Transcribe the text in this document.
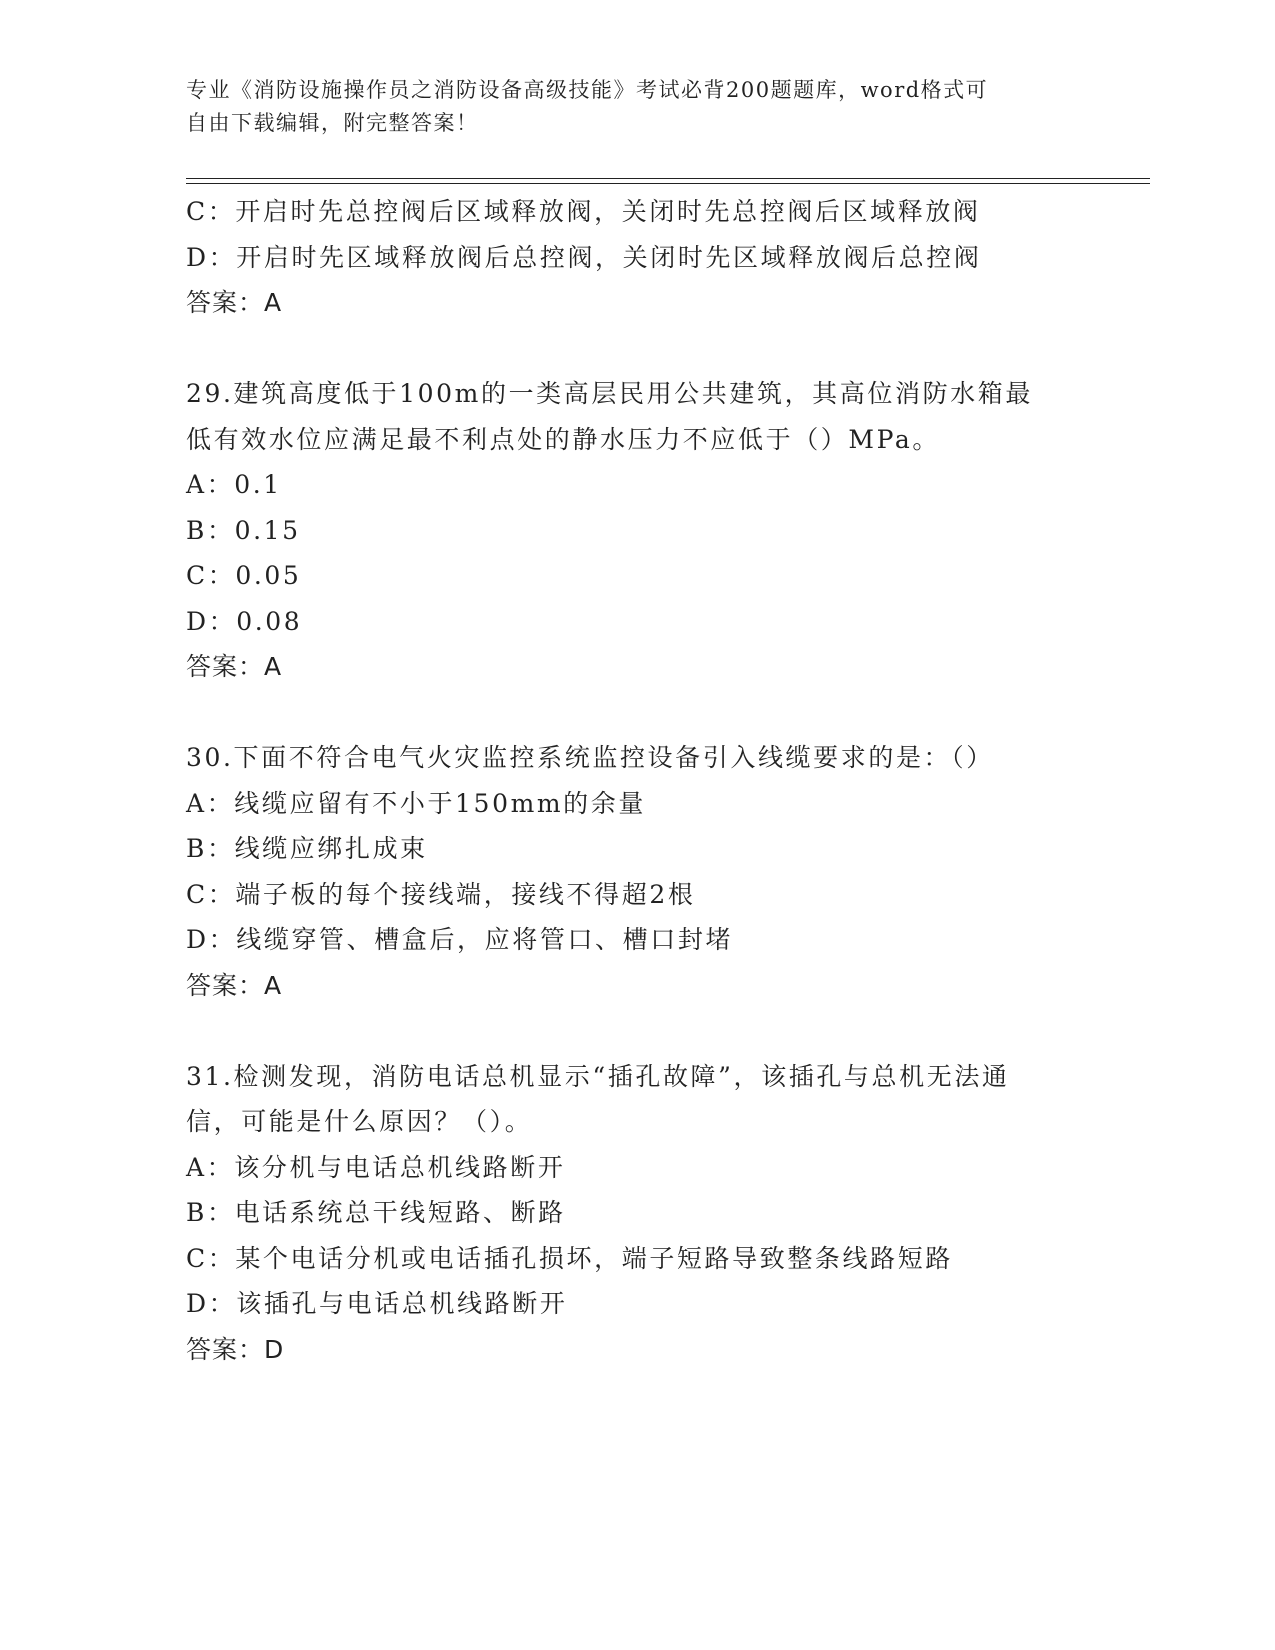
专业《消防设施操作员之消防设备高级技能》考试必背200题题库，word格式可
自由下载编辑，附完整答案！
C：开启时先总控阀后区域释放阀，关闭时先总控阀后区域释放阀
D：开启时先区域释放阀后总控阀，关闭时先区域释放阀后总控阀
答案：A
29.建筑高度低于100m的一类高层民用公共建筑，其高位消防水箱最
低有效水位应满足最不利点处的静水压力不应低于（）MPa。
A：0.1
B：0.15
C：0.05
D：0.08
答案：A
30.下面不符合电气火灾监控系统监控设备引入线缆要求的是：（）
A：线缆应留有不小于150mm的余量
B：线缆应绑扎成束
C：端子板的每个接线端，接线不得超2根
D：线缆穿管、槽盒后，应将管口、槽口封堵
答案：A
31.检测发现，消防电话总机显示“插孔故障”，该插孔与总机无法通
信，可能是什么原因？（）。
A：该分机与电话总机线路断开
B：电话系统总干线短路、断路
C：某个电话分机或电话插孔损坏，端子短路导致整条线路短路
D：该插孔与电话总机线路断开
答案：D
